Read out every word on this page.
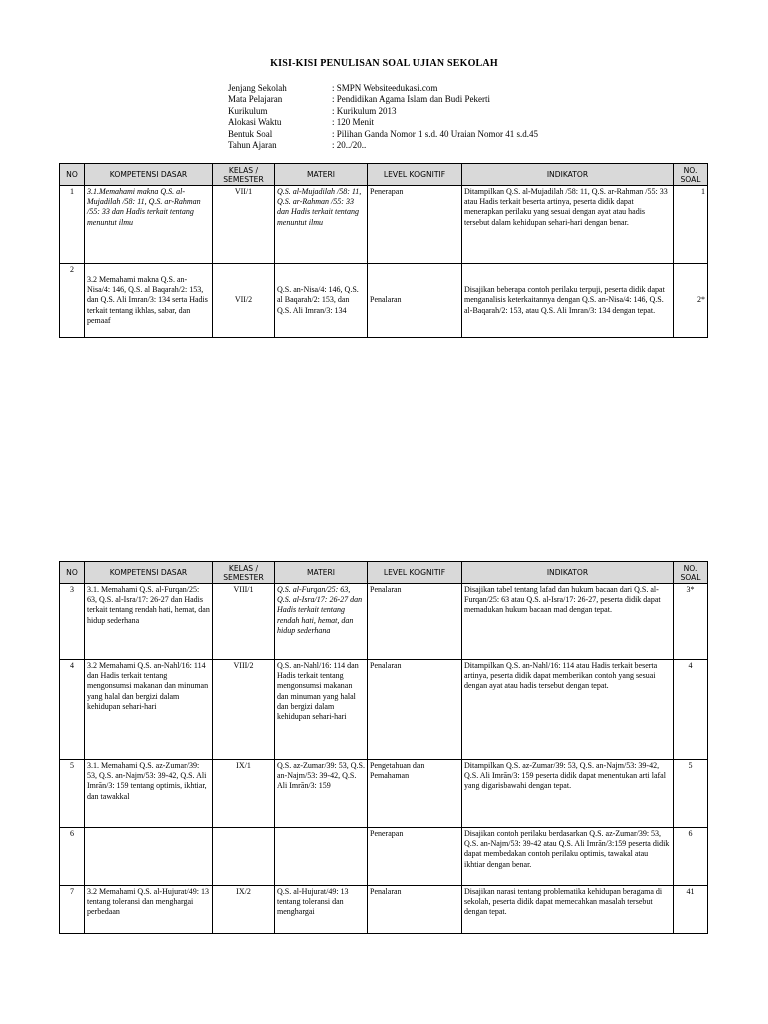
KISI-KISI PENULISAN SOAL UJIAN SEKOLAH
Jenjang Sekolah	: SMPN Websiteedukasi.com
Mata Pelajaran	: Pendidikan Agama Islam dan Budi Pekerti
Kurikulum	: Kurikulum 2013
Alokasi Waktu	: 120 Menit
Bentuk Soal	: Pilihan Ganda Nomor 1 s.d. 40 Uraian Nomor 41 s.d.45
Tahun Ajaran	: 20../20..
NO	KOMPETENSI DASAR	KELAS / SEMESTER	MATERI	LEVEL KOGNITIF	INDIKATOR	NO. SOAL
1	3.1.Memahami makna Q.S. al-Mujadilah /58: 11, Q.S. ar-Rahman /55: 33 dan Hadis terkait tentang menuntut ilmu	VII/1	Q.S. al-Mujadilah /58: 11, Q.S. ar-Rahman /55: 33 dan Hadis terkait tentang menuntut ilmu	Penerapan	Ditampilkan Q.S. al-Mujadilah /58: 11, Q.S. ar-Rahman /55: 33 atau Hadis terkait beserta artinya, peserta didik dapat menerapkan perilaku yang sesuai dengan ayat atau hadis tersebut dalam kehidupan sehari-hari dengan benar.	1
2	3.2 Memahami makna Q.S. an-Nisa/4: 146, Q.S. al Baqarah/2: 153, dan Q.S. Ali Imran/3: 134 serta Hadis terkait tentang ikhlas, sabar, dan pemaaf	VII/2	Q.S. an-Nisa/4: 146, Q.S. al Baqarah/2: 153, dan Q.S. Ali Imran/3: 134	Penalaran	Disajikan beberapa contoh perilaku terpuji, peserta didik dapat menganalisis keterkaitannya dengan Q.S. an-Nisa/4: 146, Q.S. al-Baqarah/2: 153, atau Q.S. Ali Imran/3: 134 dengan tepat.	2*
NO	KOMPETENSI DASAR	KELAS / SEMESTER	MATERI	LEVEL KOGNITIF	INDIKATOR	NO. SOAL
3	3.1. Memahami Q.S. al-Furqan/25: 63, Q.S. al-Isra/17: 26-27 dan Hadis terkait tentang rendah hati, hemat, dan hidup sederhana	VIII/1	Q.S. al-Furqan/25: 63, Q.S. al-Isra/17: 26-27 dan Hadis terkait tentang rendah hati, hemat, dan hidup sederhana	Penalaran	Disajikan tabel tentang lafad dan hukum bacaan dari Q.S. al-Furqan/25: 63 atau Q.S. al-Isra/17: 26-27, peserta didik dapat memadukan hukum bacaan mad dengan tepat.	3*
4	3.2 Memahami Q.S. an-Nahl/16: 114 dan Hadis terkait tentang mengonsumsi makanan dan minuman yang halal dan bergizi dalam kehidupan sehari-hari	VIII/2	Q.S. an-Nahl/16: 114 dan Hadis terkait tentang mengonsumsi makanan dan minuman yang halal dan bergizi dalam kehidupan sehari-hari	Penalaran	Ditampilkan Q.S. an-Nahl/16: 114 atau Hadis terkait beserta artinya, peserta didik dapat memberikan contoh yang sesuai dengan ayat atau hadis tersebut dengan tepat.	4
5	3.1. Memahami Q.S. az-Zumar/39: 53, Q.S. an-Najm/53: 39-42, Q.S. Ali Imrān/3: 159 tentang optimis, ikhtiar, dan tawakkal	IX/1	Q.S. az-Zumar/39: 53, Q.S. an-Najm/53: 39-42, Q.S. Ali Imrān/3: 159	Pengetahuan dan Pemahaman	Ditampilkan Q.S. az-Zumar/39: 53, Q.S. an-Najm/53: 39-42, Q.S. Ali Imrān/3: 159 peserta didik dapat menentukan arti lafal yang digarisbawahi dengan tepat.	5
6				Penerapan	Disajikan contoh perilaku berdasarkan Q.S. az-Zumar/39: 53, Q.S. an-Najm/53: 39-42 atau Q.S. Ali Imrān/3:159 peserta didik dapat membedakan contoh perilaku optimis, tawakal atau ikhtiar dengan benar.	6
7	3.2 Memahami Q.S. al-Hujurat/49: 13 tentang toleransi dan menghargai perbedaan	IX/2	Q.S. al-Hujurat/49: 13 tentang toleransi dan menghargai	Penalaran	Disajikan narasi tentang problematika kehidupan beragama di sekolah, peserta didik dapat memecahkan masalah tersebut dengan tepat.	41
